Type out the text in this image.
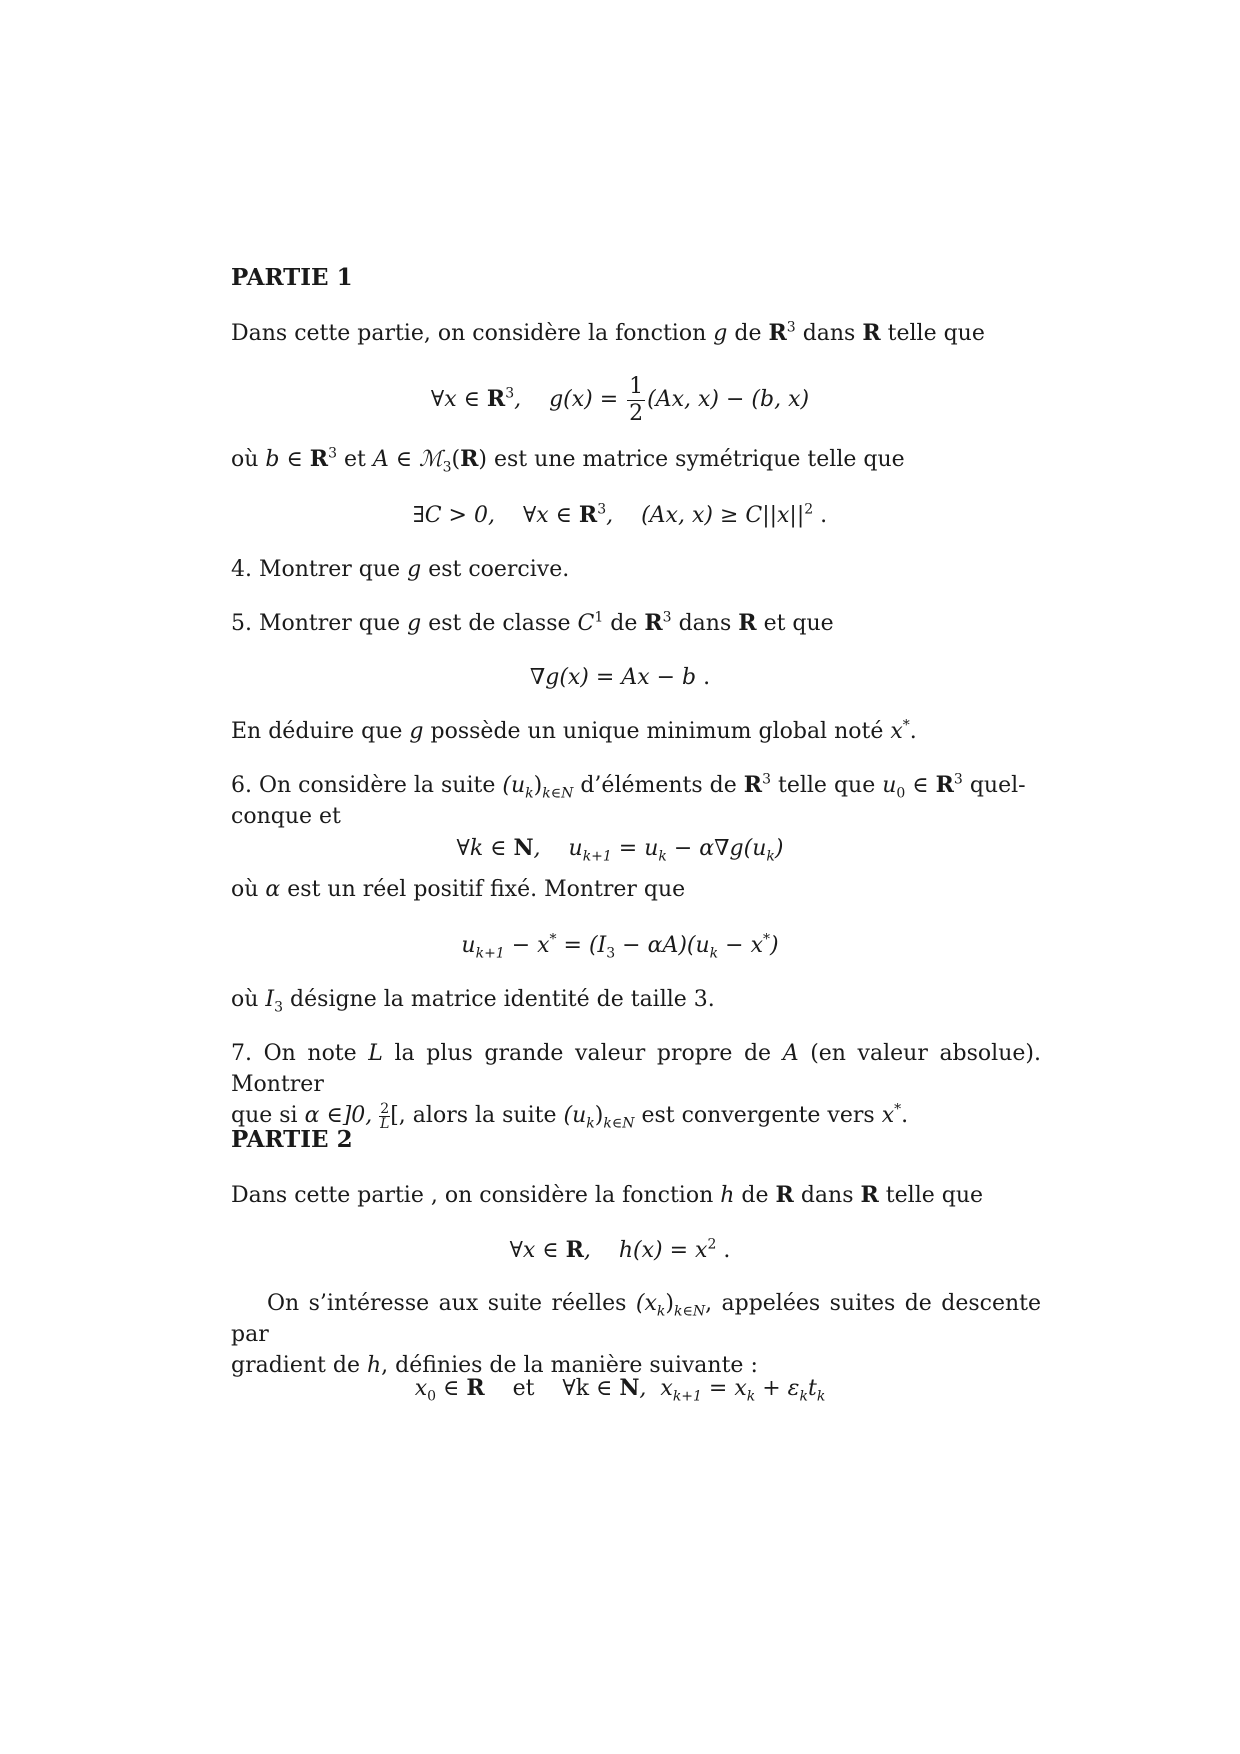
PARTIE 1
Dans cette partie, on considère la fonction g de $R^3$ dans R telle que
∀x ∈ $R^3$,    $g(x) = \frac{1}{2} (Ax$, x) − (b, x)
où b ∈ $R^3$ et A ∈ ℳ$_3$(R) est une matrice symétrique telle que
∃C > 0,    ∀x ∈ $R^3$,    (Ax, $x) \ge C||x||^2$ .
4. Montrer que g est coercive.
5. Montrer que g est de classe $C^1$ de $R^3$ dans R et que
∇g(x) = Ax − b .
En déduire que g possède un unique minimum global noté x*.
6. On considère la suite $(u_k)_{k\in N}$ d’éléments de $R^3$ telle que $u_0$ ∈ $R^3$ quel-
conque et
∀k ∈ N,    $u_{k+1} = u_k - \alpha\nabla g(u_k)$
où α est un réel positif fixé. Montrer que
$u_{k+1} - x^* = (I_3 - \alpha A)(u_k - x^*)$
où $I_3$ désigne la matrice identité de taille 3.
7. On note L la plus grande valeur propre de A (en valeur absolue). Montrer
que si α ∈]0, $\frac{2}{L}$ [, alors la suite $(u_k)_{k\in N}$ est convergente vers x*.
PARTIE 2
Dans cette partie , on considère la fonction h de R dans R telle que
∀x ∈ R,    $h(x) = x^2$ .
On s’intéresse aux suite réelles $(x_k)_{k\in N}$, appelées suites de descente par
gradient de h, définies de la manière suivante :
$x_0$ ∈ R    et    ∀k ∈ N,  $x_{k+1} = x_k + \varepsilon_kt_k$
